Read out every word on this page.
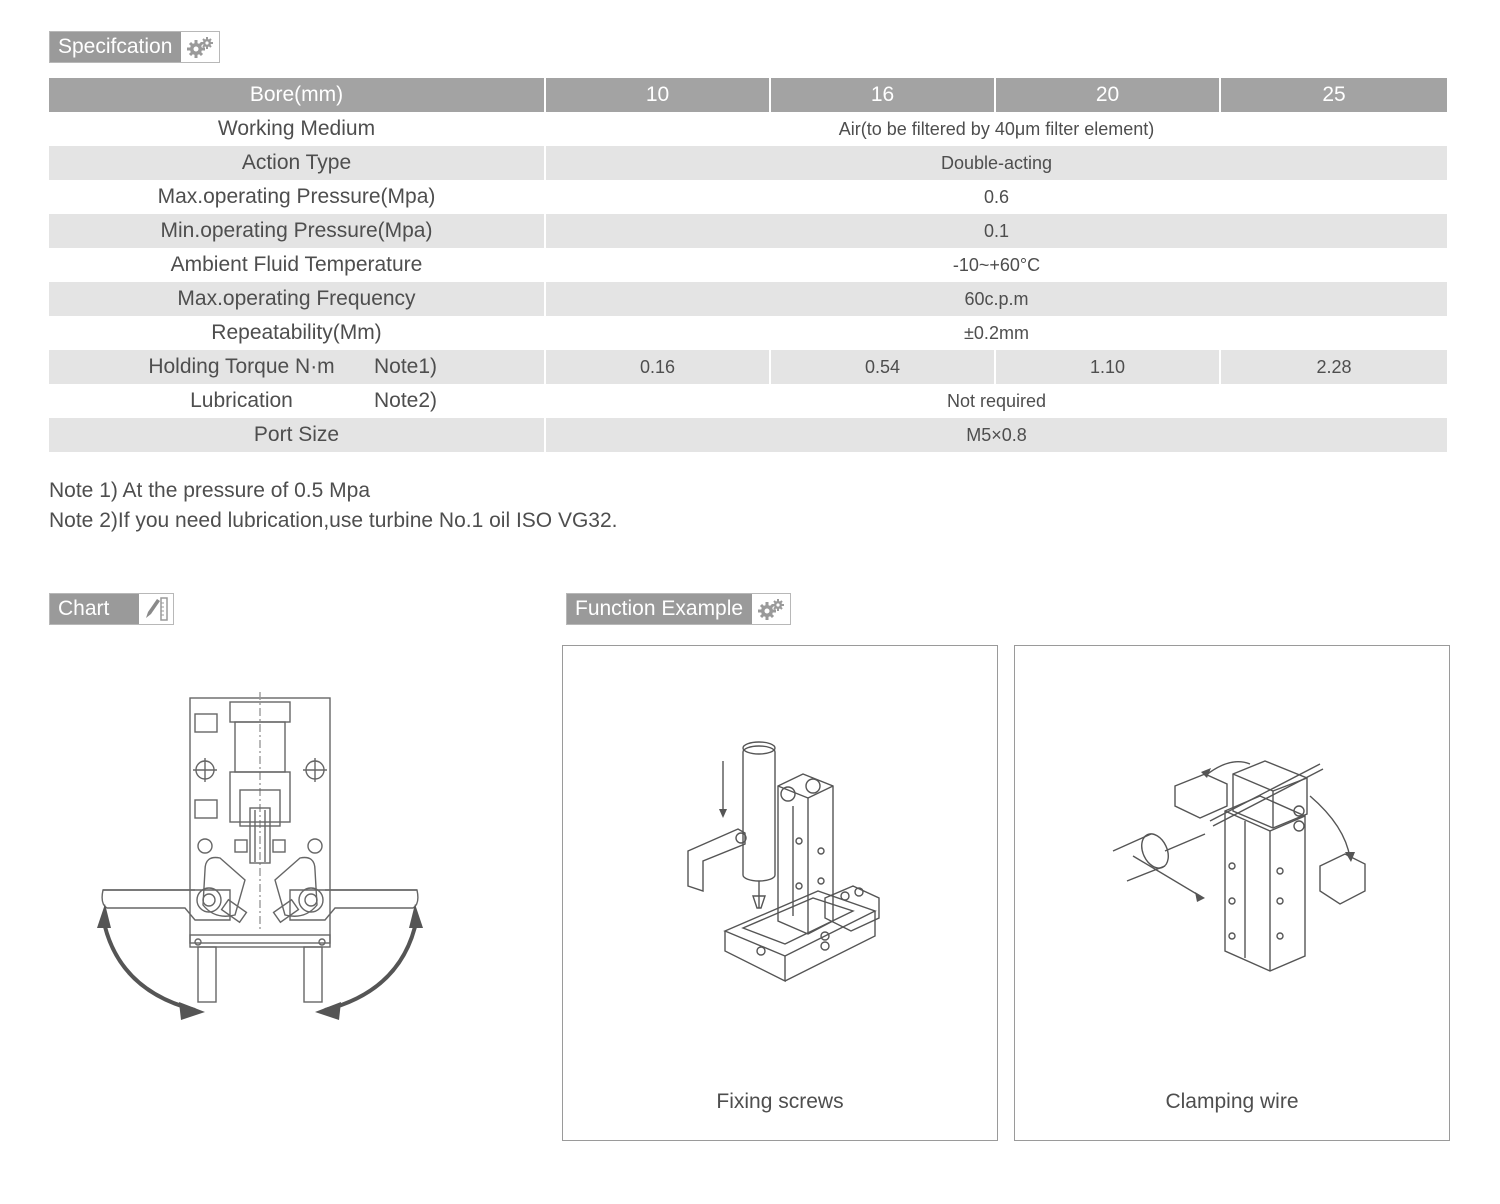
Specifcation
Bore(mm)	10	16	20	25
Working Medium	Air(to be filtered by 40μm filter element)			
Action Type	Double-acting			
Max.operating Pressure(Mpa)	0.6			
Min.operating Pressure(Mpa)	0.1			
Ambient Fluid Temperature	-10~+60°C			
Max.operating Frequency	60c.p.m			
Repeatability(Mm)	±0.2mm			

Holding Torque N·m Note1)	0.16	0.54	1.10	2.28

Lubrication Note2)	Not required			
Port Size	M5×0.8			
Note 1) At the pressure of 0.5 Mpa
Note 2)If you need lubrication,use turbine No.1 oil ISO VG32.
Chart	Function Example
Fixing screws	Clamping wire
